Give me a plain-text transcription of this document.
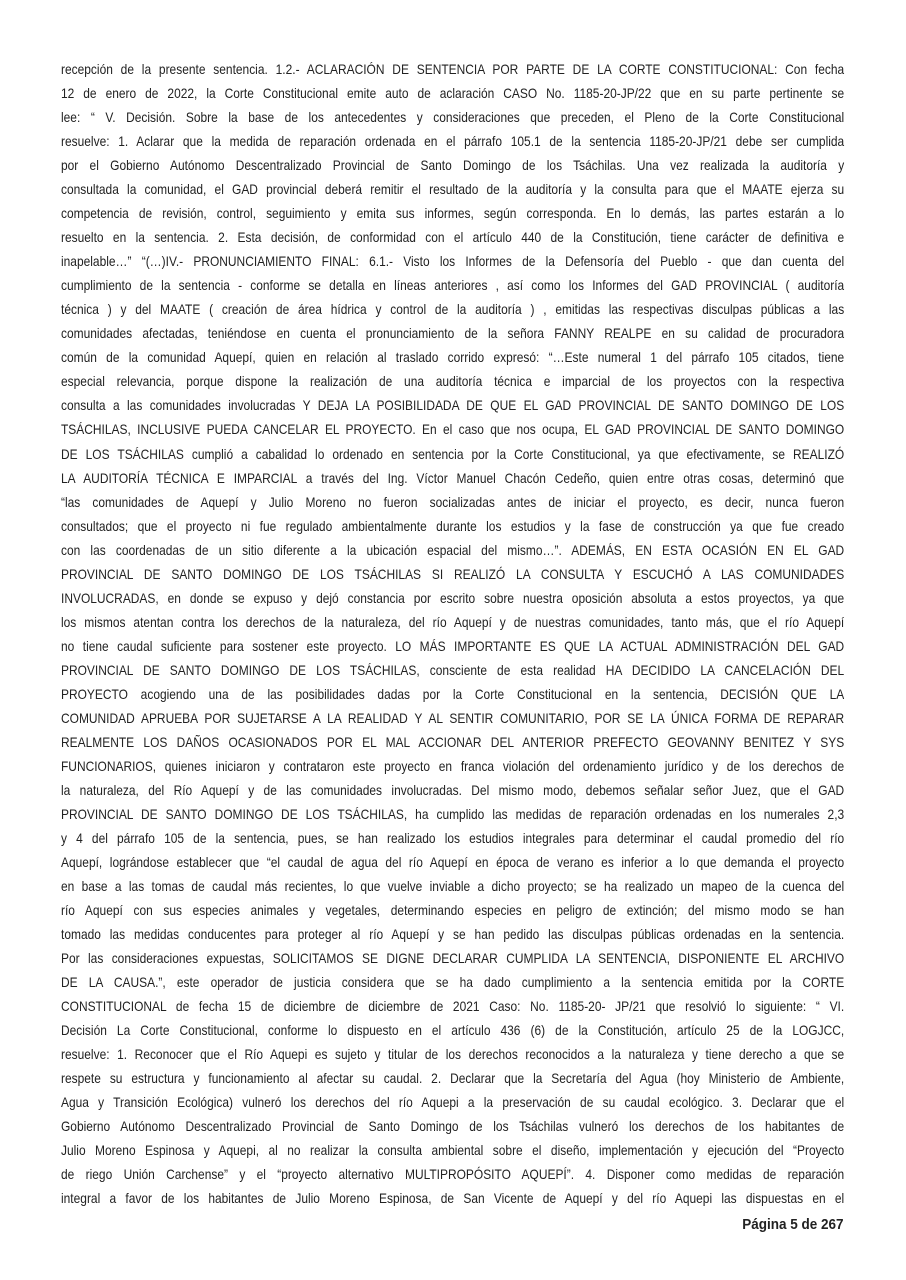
recepción de la presente sentencia. 1.2.- ACLARACIÓN DE SENTENCIA POR PARTE DE LA CORTE CONSTITUCIONAL: Con fecha
12 de enero de 2022, la Corte Constitucional emite auto de aclaración CASO No. 1185-20-JP/22 que en su parte pertinente se
lee: “ V. Decisión. Sobre la base de los antecedentes y consideraciones que preceden, el Pleno de la Corte Constitucional
resuelve: 1. Aclarar que la medida de reparación ordenada en el párrafo 105.1 de la sentencia 1185-20-JP/21 debe ser cumplida
por el Gobierno Autónomo Descentralizado Provincial de Santo Domingo de los Tsáchilas. Una vez realizada la auditoría y
consultada la comunidad, el GAD provincial deberá remitir el resultado de la auditoría y la consulta para que el MAATE ejerza su
competencia de revisión, control, seguimiento y emita sus informes, según corresponda. En lo demás, las partes estarán a lo
resuelto en la sentencia. 2. Esta decisión, de conformidad con el artículo 440 de la Constitución, tiene carácter de definitiva e
inapelable…” “(…)IV.- PRONUNCIAMIENTO FINAL: 6.1.- Visto los Informes de la Defensoría del Pueblo - que dan cuenta del
cumplimiento de la sentencia - conforme se detalla en líneas anteriores , así como los Informes del GAD PROVINCIAL ( auditoría
técnica ) y del MAATE ( creación de área hídrica y control de la auditoría ) , emitidas las respectivas disculpas públicas a las
comunidades afectadas, teniéndose en cuenta el pronunciamiento de la señora FANNY REALPE en su calidad de procuradora
común de la comunidad Aquepí, quien en relación al traslado corrido expresó: “…Este numeral 1 del párrafo 105 citados, tiene
especial relevancia, porque dispone la realización de una auditoría técnica e imparcial de los proyectos con la respectiva
consulta a las comunidades involucradas Y DEJA LA POSIBILIDADA DE QUE EL GAD PROVINCIAL DE SANTO DOMINGO DE LOS
TSÁCHILAS, INCLUSIVE PUEDA CANCELAR EL PROYECTO. En el caso que nos ocupa, EL GAD PROVINCIAL DE SANTO DOMINGO
DE LOS TSÁCHILAS cumplió a cabalidad lo ordenado en sentencia por la Corte Constitucional, ya que efectivamente, se REALIZÓ
LA AUDITORÍA TÉCNICA E IMPARCIAL a través del Ing. Víctor Manuel Chacón Cedeño, quien entre otras cosas, determinó que
“las comunidades de Aquepí y Julio Moreno no fueron socializadas antes de iniciar el proyecto, es decir, nunca fueron
consultados; que el proyecto ni fue regulado ambientalmente durante los estudios y la fase de construcción ya que fue creado
con las coordenadas de un sitio diferente a la ubicación espacial del mismo…”. ADEMÁS, EN ESTA OCASIÓN EN EL GAD
PROVINCIAL DE SANTO DOMINGO DE LOS TSÁCHILAS SI REALIZÓ LA CONSULTA Y ESCUCHÓ A LAS COMUNIDADES
INVOLUCRADAS, en donde se expuso y dejó constancia por escrito sobre nuestra oposición absoluta a estos proyectos, ya que
los mismos atentan contra los derechos de la naturaleza, del río Aquepí y de nuestras comunidades, tanto más, que el río Aquepí
no tiene caudal suficiente para sostener este proyecto. LO MÁS IMPORTANTE ES QUE LA ACTUAL ADMINISTRACIÓN DEL GAD
PROVINCIAL DE SANTO DOMINGO DE LOS TSÁCHILAS, consciente de esta realidad HA DECIDIDO LA CANCELACIÓN DEL
PROYECTO acogiendo una de las posibilidades dadas por la Corte Constitucional en la sentencia, DECISIÓN QUE LA
COMUNIDAD APRUEBA POR SUJETARSE A LA REALIDAD Y AL SENTIR COMUNITARIO, POR SE LA ÚNICA FORMA DE REPARAR
REALMENTE LOS DAÑOS OCASIONADOS POR EL MAL ACCIONAR DEL ANTERIOR PREFECTO GEOVANNY BENITEZ Y SYS
FUNCIONARIOS, quienes iniciaron y contrataron este proyecto en franca violación del ordenamiento jurídico y de los derechos de
la naturaleza, del Río Aquepí y de las comunidades involucradas. Del mismo modo, debemos señalar señor Juez, que el GAD
PROVINCIAL DE SANTO DOMINGO DE LOS TSÁCHILAS, ha cumplido las medidas de reparación ordenadas en los numerales 2,3
y 4 del párrafo 105 de la sentencia, pues, se han realizado los estudios integrales para determinar el caudal promedio del río
Aquepí, lográndose establecer que “el caudal de agua del río Aquepí en época de verano es inferior a lo que demanda el proyecto
en base a las tomas de caudal más recientes, lo que vuelve inviable a dicho proyecto; se ha realizado un mapeo de la cuenca del
río Aquepí con sus especies animales y vegetales, determinando especies en peligro de extinción; del mismo modo se han
tomado las medidas conducentes para proteger al río Aquepí y se han pedido las disculpas públicas ordenadas en la sentencia.
Por las consideraciones expuestas, SOLICITAMOS SE DIGNE DECLARAR CUMPLIDA LA SENTENCIA, DISPONIENTE EL ARCHIVO
DE LA CAUSA.”, este operador de justicia considera que se ha dado cumplimiento a la sentencia emitida por la CORTE
CONSTITUCIONAL de fecha 15 de diciembre de diciembre de 2021 Caso: No. 1185-20- JP/21 que resolvió lo siguiente: “ VI.
Decisión La Corte Constitucional, conforme lo dispuesto en el artículo 436 (6) de la Constitución, artículo 25 de la LOGJCC,
resuelve: 1. Reconocer que el Río Aquepi es sujeto y titular de los derechos reconocidos a la naturaleza y tiene derecho a que se
respete su estructura y funcionamiento al afectar su caudal. 2. Declarar que la Secretaría del Agua (hoy Ministerio de Ambiente,
Agua y Transición Ecológica) vulneró los derechos del río Aquepi a la preservación de su caudal ecológico. 3. Declarar que el
Gobierno Autónomo Descentralizado Provincial de Santo Domingo de los Tsáchilas vulneró los derechos de los habitantes de
Julio Moreno Espinosa y Aquepi, al no realizar la consulta ambiental sobre el diseño, implementación y ejecución del “Proyecto
de riego Unión Carchense” y el “proyecto alternativo MULTIPROPÓSITO AQUEPÍ”. 4. Disponer como medidas de reparación
integral a favor de los habitantes de Julio Moreno Espinosa, de San Vicente de Aquepí y del río Aquepi las dispuestas en el
Página 5 de 267
